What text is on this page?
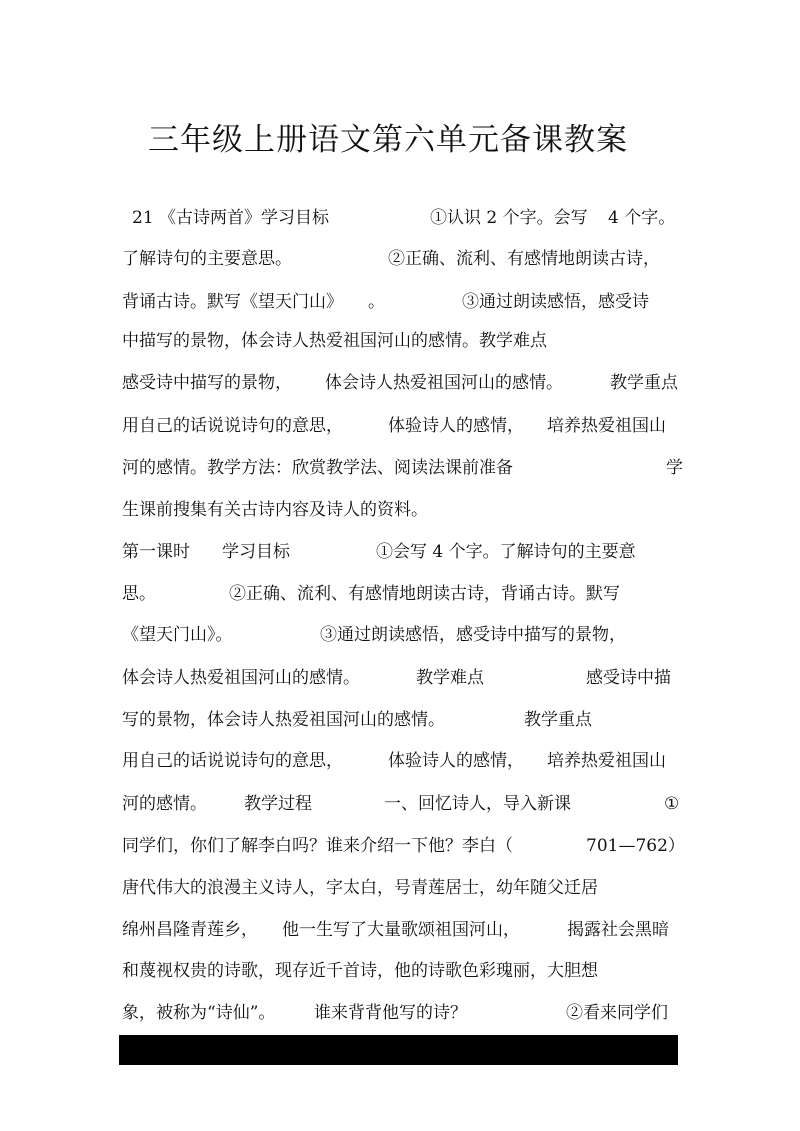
三年级上册语文第六单元备课教案
21 《古诗两首》学习目标	①认识 2 个字。会写 4 个字。
了解诗句的主要意思。	②正确、流利、有感情地朗读古诗，
背诵古诗。默写《望天门山》 。	③通过朗读感悟，感受诗
中描写的景物，体会诗人热爱祖国河山的感情。教学难点
感受诗中描写的景物， 体会诗人热爱祖国河山的感情。	教学重点
用自己的话说说诗句的意思，	体验诗人的感情， 培养热爱祖国山
河的感情。教学方法：欣赏教学法、阅读法课前准备	学
生课前搜集有关古诗内容及诗人的资料。
第一课时 学习目标	①会写 4 个字。了解诗句的主要意
思。	②正确、流利、有感情地朗读古诗，背诵古诗。默写
《望天门山》。	③通过朗读感悟，感受诗中描写的景物，
体会诗人热爱祖国河山的感情。	教学难点	感受诗中描
写的景物，体会诗人热爱祖国河山的感情。	教学重点
用自己的话说说诗句的意思，	体验诗人的感情， 培养热爱祖国山
河的感情。 教学过程	一、回忆诗人，导入新课	①
同学们，你们了解李白吗？谁来介绍一下他？李白（	701—762）
唐代伟大的浪漫主义诗人，字太白，号青莲居士，幼年随父迁居
绵州昌隆青莲乡， 他一生写了大量歌颂祖国河山，	揭露社会黑暗
和蔑视权贵的诗歌，现存近千首诗，他的诗歌色彩瑰丽，大胆想
象，被称为“诗仙”。 谁来背背他写的诗？	②看来同学们
